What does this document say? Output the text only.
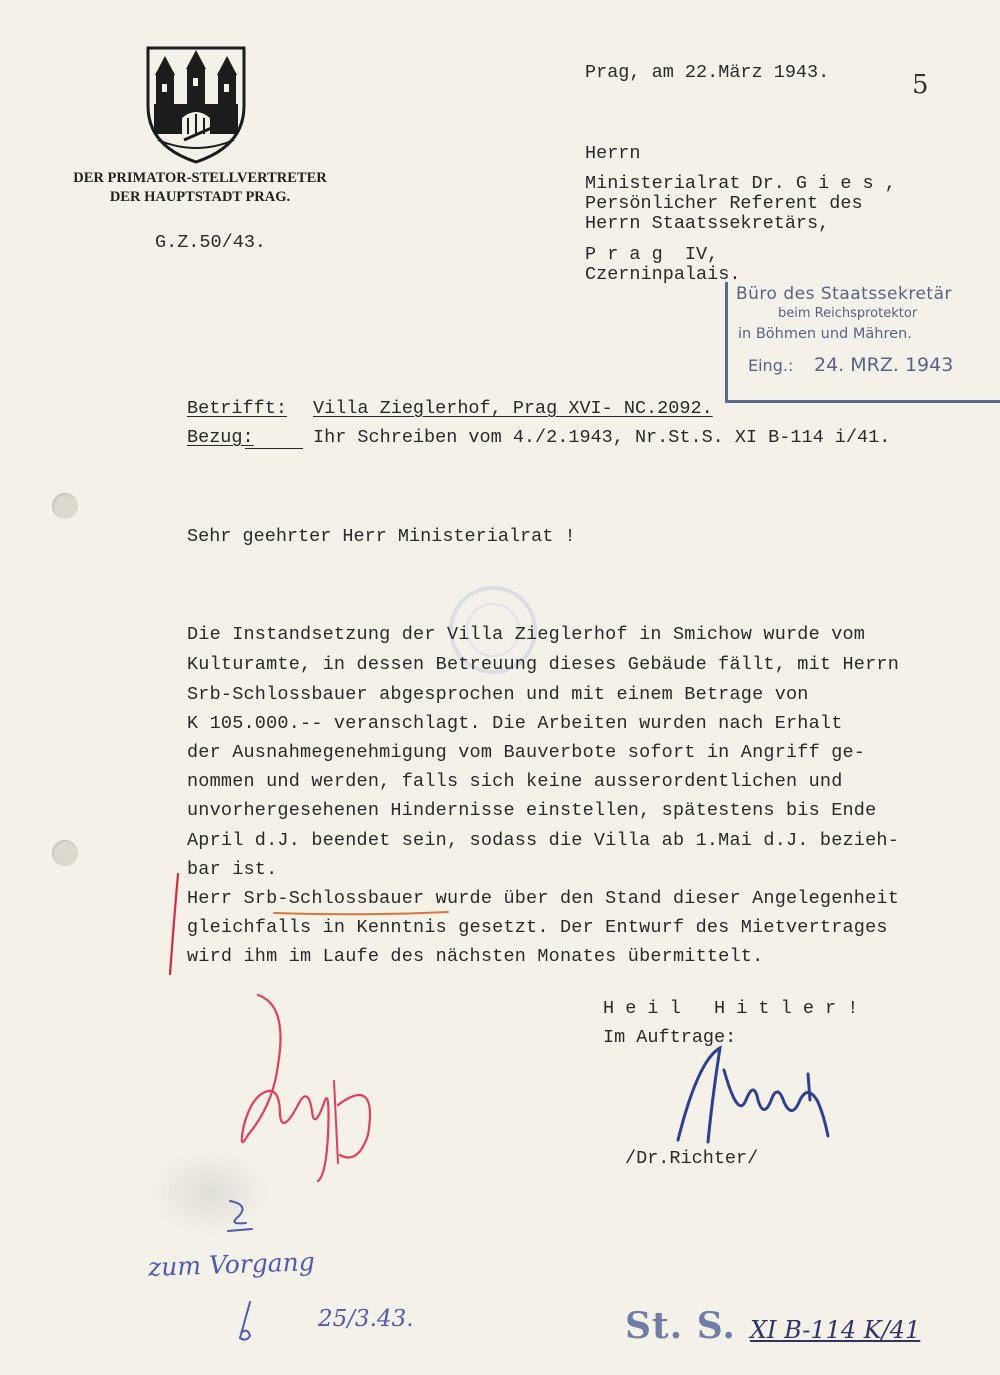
DER PRIMATOR-STELLVERTRETER
DER HAUPTSTADT PRAG.
G.Z.50/43.
Prag, am 22.März 1943.	5
Herrn
Ministerialrat Dr. G i e s ,
Persönlicher Referent des
Herrn Staatssekretärs,
P r a g  IV,
Czerninpalais.
Büro des Staatssekretär
beim Reichsprotektor
in Böhmen und Mähren.
Eing.: 24. MRZ. 1943
Betrifft: Villa Zieglerhof, Prag XVI- NC.2092.
Bezug:	Ihr Schreiben vom 4./2.1943, Nr.St.S. XI B-114 i/41.
Sehr geehrter Herr Ministerialrat !
Die Instandsetzung der Villa Zieglerhof in Smichow wurde vom
Kulturamte, in dessen Betreuung dieses Gebäude fällt, mit Herrn
Srb-Schlossbauer abgesprochen und mit einem Betrage von
K 105.000.-- veranschlagt. Die Arbeiten wurden nach Erhalt
der Ausnahmegenehmigung vom Bauverbote sofort in Angriff ge-
nommen und werden, falls sich keine ausserordentlichen und
unvorhergesehenen Hindernisse einstellen, spätestens bis Ende
April d.J. beendet sein, sodass die Villa ab 1.Mai d.J. bezieh-
bar ist.
Herr Srb-Schlossbauer wurde über den Stand dieser Angelegenheit
gleichfalls in Kenntnis gesetzt. Der Entwurf des Mietvertrages
wird ihm im Laufe des nächsten Monates übermittelt.
H e i l   H i t l e r !
Im Auftrage:
/Dr.Richter/
zum Vorgang
25/3.43.	St. S. XI B-114 K/41
